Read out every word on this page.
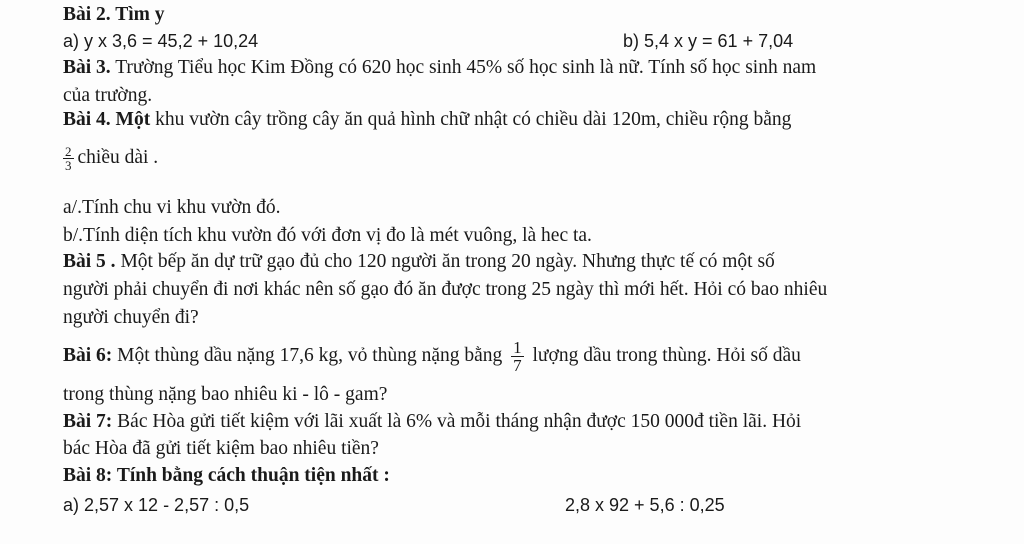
Bài 2. Tìm y
a) y x 3,6 = 45,2 + 10,24	b) 5,4 x y = 61 + 7,04
Bài 3. Trường Tiểu học Kim Đồng có 620 học sinh 45% số học sinh là nữ. Tính số học sinh nam
của trường.
Bài 4. Một khu vườn cây trồng cây ăn quả hình chữ nhật có chiều dài 120m, chiều rộng bằng
$\frac{2}{3}$ chiều dài .
a/.Tính chu vi khu vườn đó.
b/.Tính diện tích khu vườn đó với đơn vị đo là mét vuông, là hec ta.
Bài 5 . Một bếp ăn dự trữ gạo đủ cho 120 người ăn trong 20 ngày. Nhưng thực tế có một số
người phải chuyển đi nơi khác nên số gạo đó ăn được trong 25 ngày thì mới hết. Hỏi có bao nhiêu
người chuyển đi?
Bài 6: Một thùng dầu nặng 17,6 kg, vỏ thùng nặng bằng $\frac{1}{7}$ lượng dầu trong thùng. Hỏi số dầu
trong thùng nặng bao nhiêu ki - lô - gam?
Bài 7: Bác Hòa gửi tiết kiệm với lãi xuất là 6% và mỗi tháng nhận được 150 000đ tiền lãi. Hỏi
bác Hòa đã gửi tiết kiệm bao nhiêu tiền?
Bài 8: Tính bằng cách thuận tiện nhất :
a) 2,57 x 12 - 2,57 : 0,5	2,8 x 92 + 5,6 : 0,25
